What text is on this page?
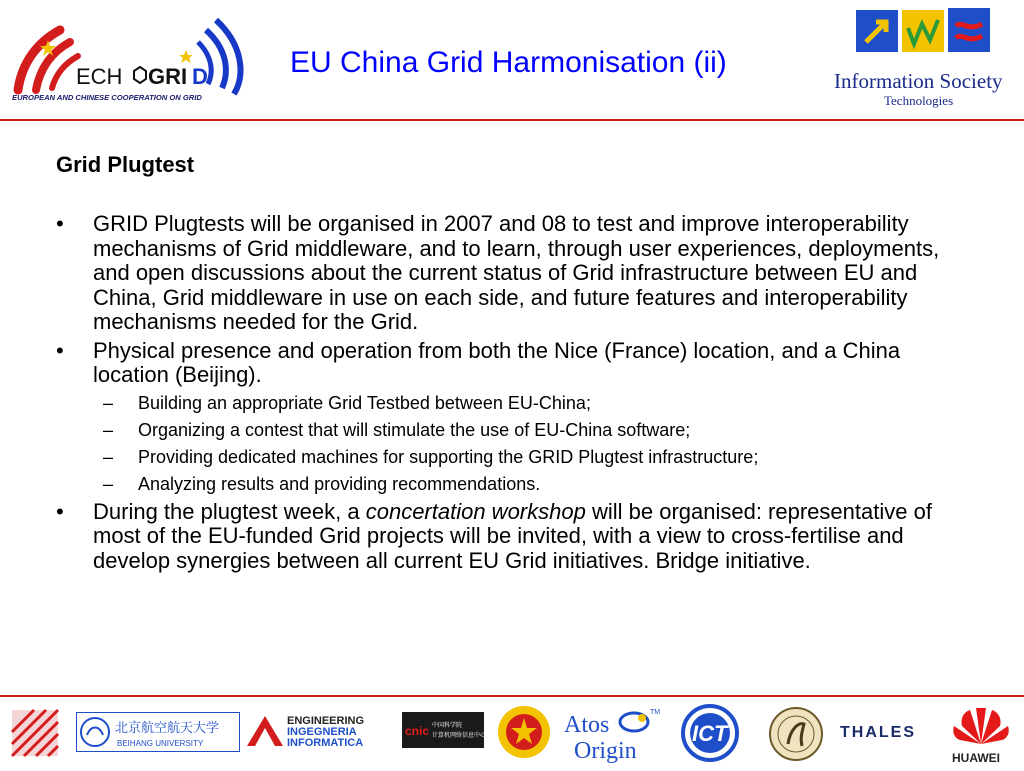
ECH GRI D
EUROPEAN AND CHINESE COOPERATION ON GRID
EU China Grid Harmonisation (ii)
Information Society
Technologies
Grid Plugtest
• GRID Plugtests will be organised in 2007 and 08 to test and improve interoperability mechanisms of Grid middleware, and to learn, through user experiences, deployments, and open discussions about the current status of Grid infrastructure between EU and China, Grid middleware in use on each side, and future features and interoperability mechanisms needed for the Grid.
• Physical presence and operation from both the Nice (France) location, and a China location (Beijing).
– Building an appropriate Grid Testbed between EU-China;
– Organizing a contest that will stimulate the use of EU-China software;
– Providing dedicated machines for supporting the GRID Plugtest infrastructure;
– Analyzing results and providing recommendations.
• During the plugtest week, a concertation workshop will be organised: representative of most of the EU-funded Grid projects will be invited, with a view to cross-fertilise and develop synergies between all current EU Grid initiatives. Bridge initiative.
北京航空航天大学
BEIHANG UNIVERSITY
ENGINEERING
INGEGNERIA
INFORMATICA
cnic 中国科学院
计算机网络信息中心	Atos
Origin
TM
ICT	THALES
HUAWEI
